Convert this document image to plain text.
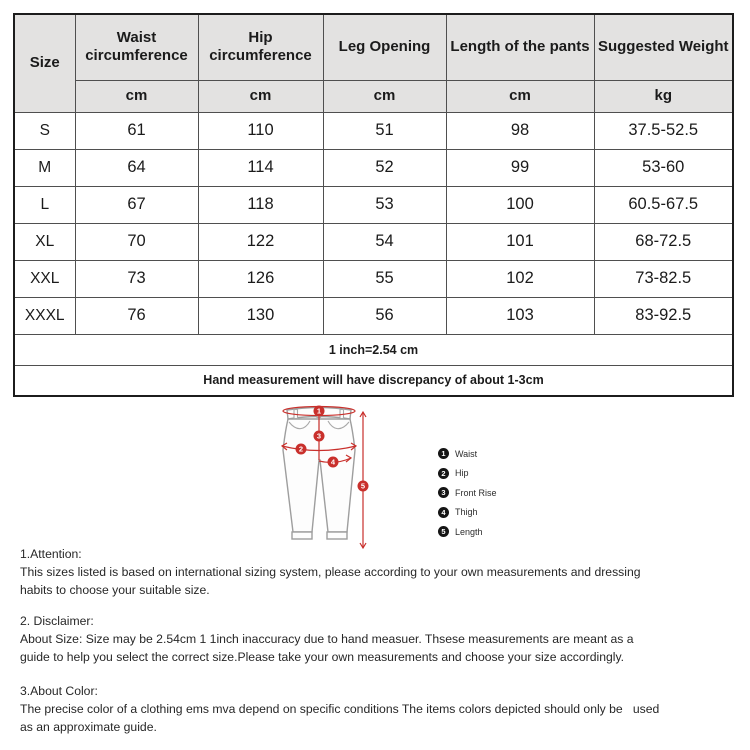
Size	Waist circumference	Hip circumference	Leg Opening	Length of the pants	Suggested Weight
	cm	cm	cm	cm	kg
S	61	110	51	98	37.5-52.5
M	64	114	52	99	53-60
L	67	118	53	100	60.5-67.5
XL	70	122	54	101	68-72.5
XXL	73	126	55	102	73-82.5
XXXL	76	130	56	103	83-92.5
1 inch=2.54 cm					
Hand measurement will have discrepancy of about 1-3cm					
1
2
3
4
5
1	Waist
2	Hip
3	Front Rise
4	Thigh
5	Length
1.Attention:
This sizes listed is based on international sizing system, please according to your own measurements and dressing
habits to choose your suitable size.
2. Disclaimer:
About Size: Size may be 2.54cm 1 1inch inaccuracy due to hand measuer. Thsese measurements are meant as a
guide to help you select the correct size.Please take your own measurements and choose your size accordingly.
3.About Color:
The precise color of a clothing ems mva depend on specific conditions The items colors depicted should only be   used
as an approximate guide.
